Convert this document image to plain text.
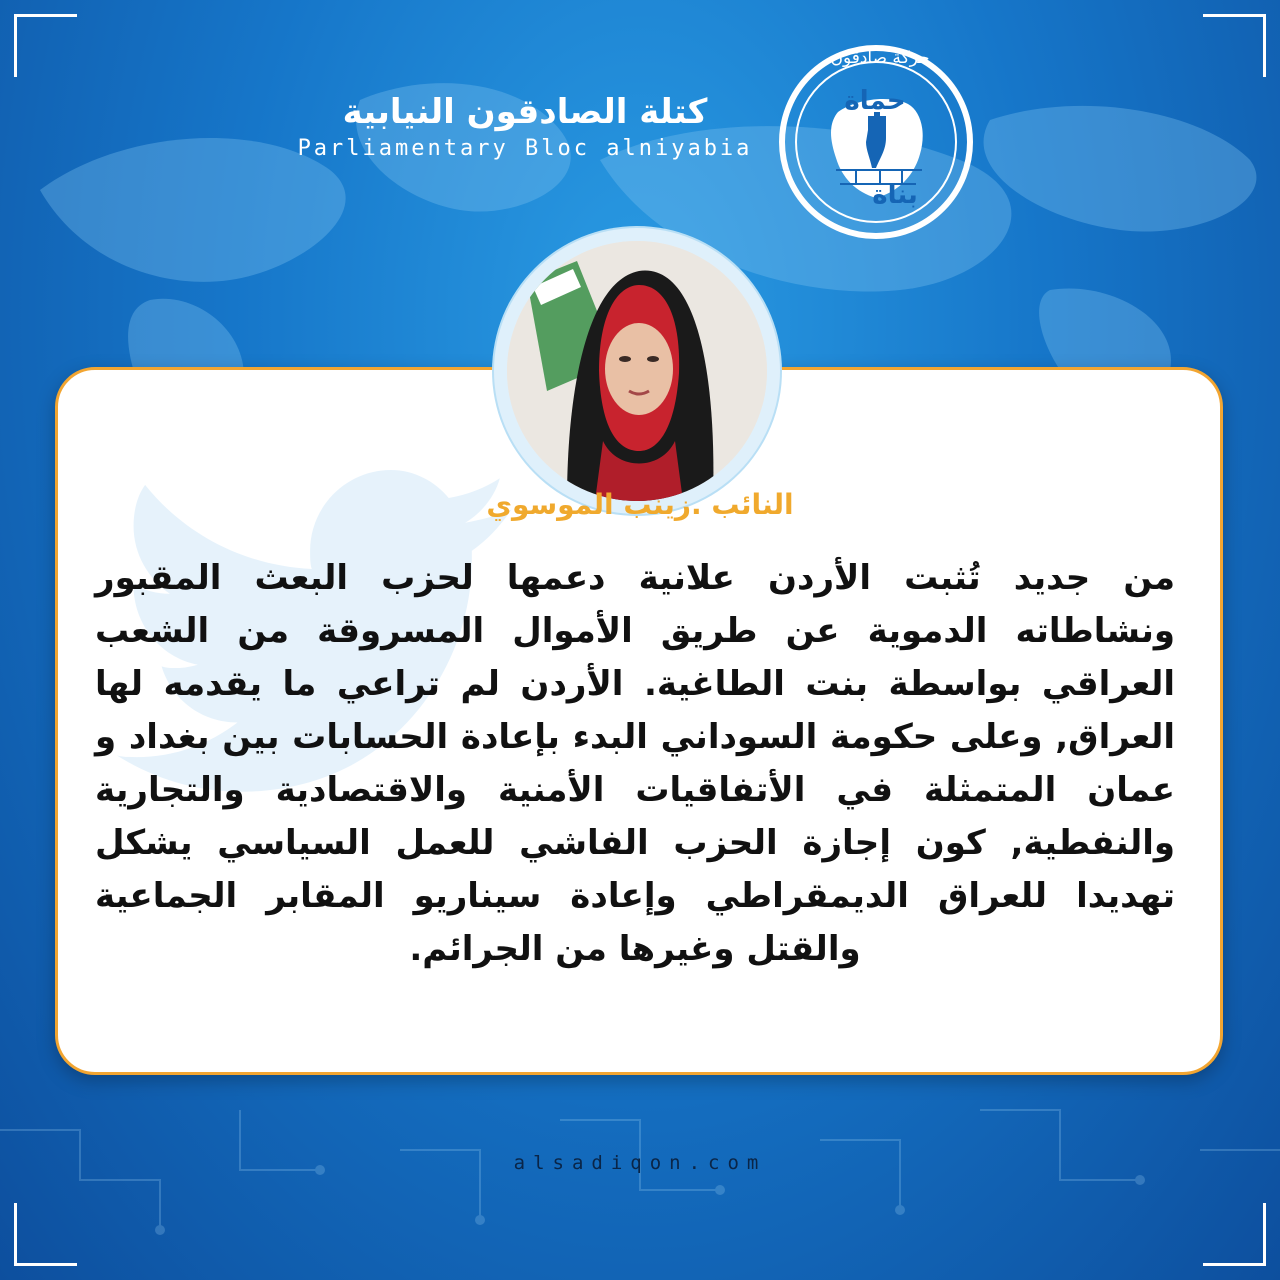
كتلة الصادقون النيابية
Parliamentary Bloc alniyabia
حركة صادقون
حماة
بناة
النائب .زينب الموسوي
من جديد تُثبت الأردن علانية دعمها لحزب البعث المقبور ونشاطاته الدموية عن طريق الأموال المسروقة من الشعب العراقي بواسطة بنت الطاغية. الأردن لم تراعي ما يقدمه لها العراق, وعلى حكومة السوداني البدء بإعادة الحسابات بين بغداد و عمان المتمثلة في الأتفاقيات الأمنية والاقتصادية والتجارية والنفطية, كون إجازة الحزب الفاشي للعمل السياسي يشكل تهديدا للعراق الديمقراطي وإعادة سيناريو المقابر الجماعية والقتل وغيرها من الجرائم.
alsadiqon.com
